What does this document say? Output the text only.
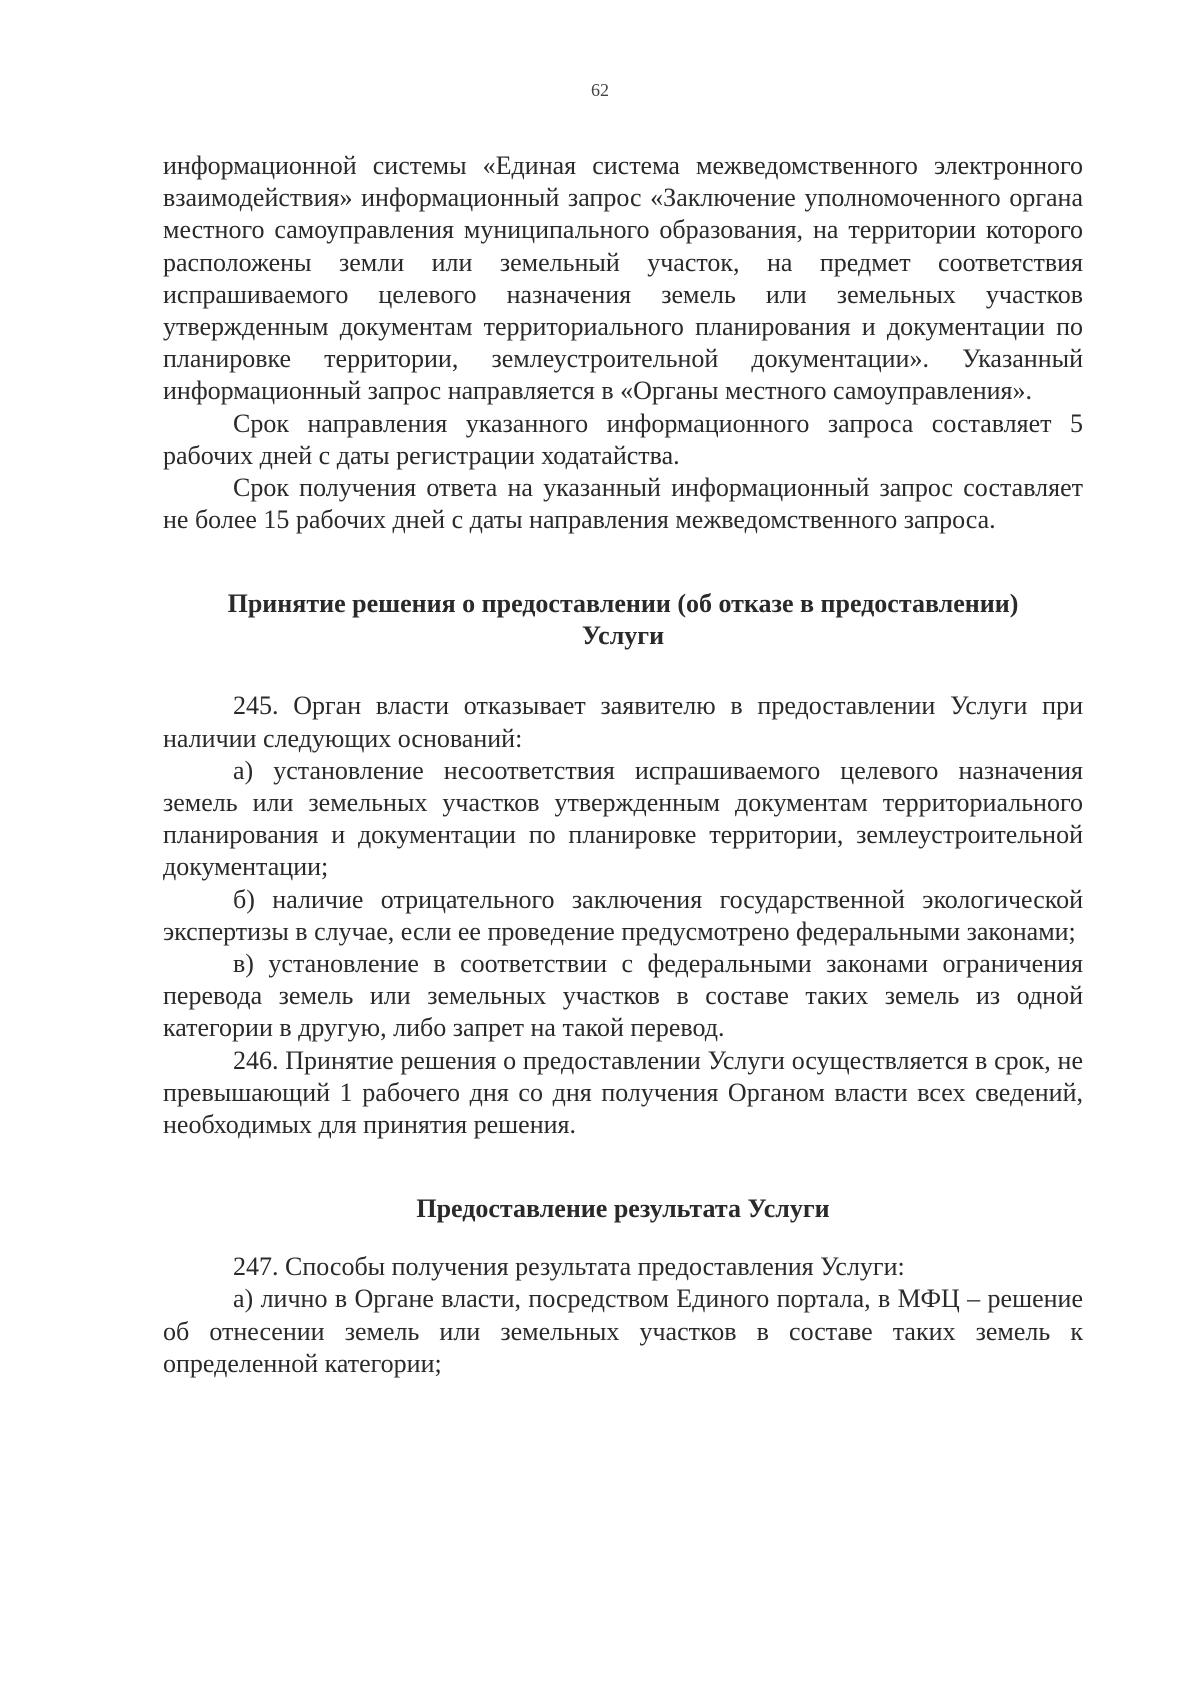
62

информационной системы «Единая система межведомственного электронного взаимодействия» информационный запрос «Заключение уполномоченного органа местного самоуправления муниципального образования, на территории которого расположены земли или земельный участок, на предмет соответствия испрашиваемого целевого назначения земель или земельных участков утвержденным документам территориального планирования и документации по планировке территории, землеустроительной документации». Указанный информационный запрос направляется в «Органы местного самоуправления».

Срок направления указанного информационного запроса составляет 5 рабочих дней с даты регистрации ходатайства.

Срок получения ответа на указанный информационный запрос составляет не более 15 рабочих дней с даты направления межведомственного запроса.

Принятие решения о предоставлении (об отказе в предоставлении)
Услуги

245. Орган власти отказывает заявителю в предоставлении Услуги при наличии следующих оснований:

а) установление несоответствия испрашиваемого целевого назначения земель или земельных участков утвержденным документам территориального планирования и документации по планировке территории, землеустроительной документации;

б) наличие отрицательного заключения государственной экологической экспертизы в случае, если ее проведение предусмотрено федеральными законами;

в) установление в соответствии с федеральными законами ограничения перевода земель или земельных участков в составе таких земель из одной категории в другую, либо запрет на такой перевод.

246. Принятие решения о предоставлении Услуги осуществляется в срок, не превышающий 1 рабочего дня со дня получения Органом власти всех сведений, необходимых для принятия решения.

Предоставление результата Услуги

247. Способы получения результата предоставления Услуги:

а) лично в Органе власти, посредством Единого портала, в МФЦ – решение об отнесении земель или земельных участков в составе таких земель к определенной категории;
